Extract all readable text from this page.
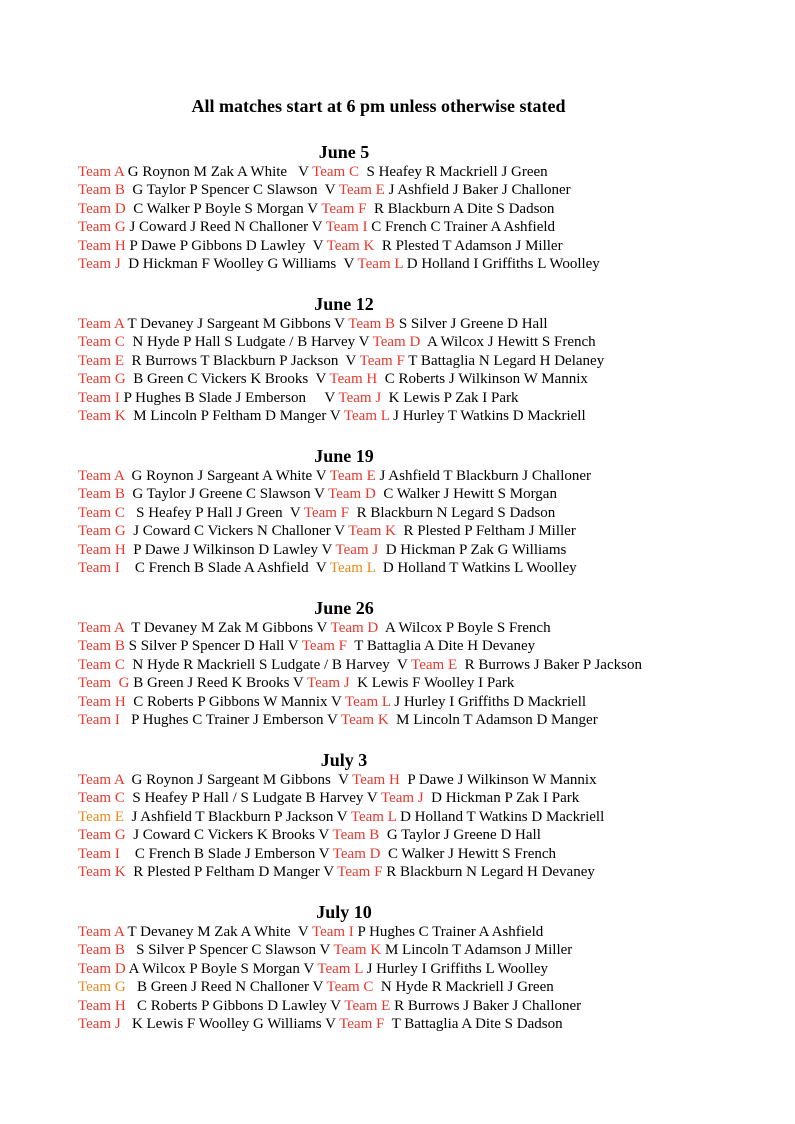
All matches start at 6 pm unless otherwise stated
June 5
Team A G Roynon M Zak A White   V Team C  S Heafey R Mackriell J Green
Team B  G Taylor P Spencer C Slawson  V Team E J Ashfield J Baker J Challoner
Team D  C Walker P Boyle S Morgan V Team F  R Blackburn A Dite S Dadson
Team G J Coward J Reed N Challoner V Team I C French C Trainer A Ashfield
Team H P Dawe P Gibbons D Lawley  V Team K  R Plested T Adamson J Miller
Team J  D Hickman F Woolley G Williams  V Team L D Holland I Griffiths L Woolley
June 12
Team A T Devaney J Sargeant M Gibbons V Team B S Silver J Greene D Hall
Team C  N Hyde P Hall S Ludgate / B Harvey V Team D  A Wilcox J Hewitt S French
Team E  R Burrows T Blackburn P Jackson  V Team F T Battaglia N Legard H Delaney
Team G  B Green C Vickers K Brooks  V Team H  C Roberts J Wilkinson W Mannix
Team I P Hughes B Slade J Emberson     V Team J  K Lewis P Zak I Park
Team K  M Lincoln P Feltham D Manger V Team L J Hurley T Watkins D Mackriell
June 19
Team A  G Roynon J Sargeant A White V Team E J Ashfield T Blackburn J Challoner
Team B  G Taylor J Greene C Slawson V Team D  C Walker J Hewitt S Morgan
Team C   S Heafey P Hall J Green  V Team F  R Blackburn N Legard S Dadson
Team G  J Coward C Vickers N Challoner V Team K  R Plested P Feltham J Miller
Team H  P Dawe J Wilkinson D Lawley V Team J  D Hickman P Zak G Williams
Team I    C French B Slade A Ashfield  V Team L  D Holland T Watkins L Woolley
June 26
Team A  T Devaney M Zak M Gibbons V Team D  A Wilcox P Boyle S French
Team B S Silver P Spencer D Hall V Team F  T Battaglia A Dite H Devaney
Team C  N Hyde R Mackriell S Ludgate / B Harvey  V Team E  R Burrows J Baker P Jackson
Team  G B Green J Reed K Brooks V Team J  K Lewis F Woolley I Park
Team H  C Roberts P Gibbons W Mannix V Team L J Hurley I Griffiths D Mackriell
Team I   P Hughes C Trainer J Emberson V Team K  M Lincoln T Adamson D Manger
July 3
Team A  G Roynon J Sargeant M Gibbons  V Team H  P Dawe J Wilkinson W Mannix
Team C  S Heafey P Hall / S Ludgate B Harvey V Team J  D Hickman P Zak I Park
Team E  J Ashfield T Blackburn P Jackson V Team L D Holland T Watkins D Mackriell
Team G  J Coward C Vickers K Brooks V Team B  G Taylor J Greene D Hall
Team I    C French B Slade J Emberson V Team D  C Walker J Hewitt S French
Team K  R Plested P Feltham D Manger V Team F R Blackburn N Legard H Devaney
July 10
Team A T Devaney M Zak A White  V Team I P Hughes C Trainer A Ashfield
Team B   S Silver P Spencer C Slawson V Team K M Lincoln T Adamson J Miller
Team D A Wilcox P Boyle S Morgan V Team L J Hurley I Griffiths L Woolley
Team G   B Green J Reed N Challoner V Team C  N Hyde R Mackriell J Green
Team H   C Roberts P Gibbons D Lawley V Team E R Burrows J Baker J Challoner
Team J   K Lewis F Woolley G Williams V Team F  T Battaglia A Dite S Dadson
